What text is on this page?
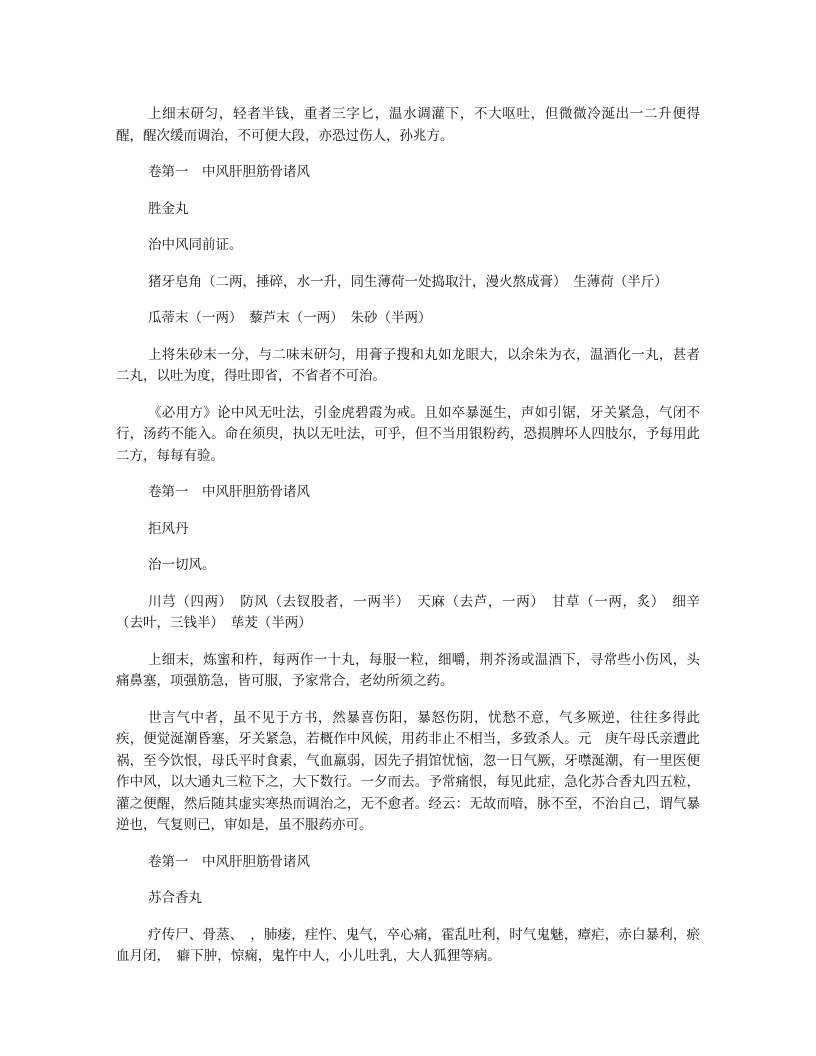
上细末研匀，轻者半钱，重者三字匕，温水调灌下，不大呕吐，但微微冷涎出一二升便得醒，醒次缓而调治，不可便大段，亦恐过伤人，孙兆方。

卷第一　中风肝胆筋骨诸风

胜金丸

治中风同前证。

猪牙皂角（二两，捶碎，水一升，同生薄荷一处捣取汁，漫火熬成膏）　生薄荷（半斤）

瓜蒂末（一两）　藜芦末（一两）　朱砂（半两）

上将朱砂末一分，与二味末研匀，用膏子搜和丸如龙眼大，以余朱为衣，温酒化一丸，甚者二丸，以吐为度，得吐即省，不省者不可治。

《必用方》论中风无吐法，引金虎碧霞为戒。且如卒暴涎生，声如引锯，牙关紧急，气闭不行，汤药不能入。命在须臾，执以无吐法，可乎，但不当用银粉药，恐损脾坏人四肢尔，予每用此二方，每每有验。

卷第一　中风肝胆筋骨诸风

拒风丹

治一切风。

川芎（四两）　防风（去钗股者，一两半）　天麻（去芦，一两）　甘草（一两，炙）　细辛（去叶，三钱半）　荜茇（半两）

上细末，炼蜜和杵，每两作一十丸，每服一粒，细嚼，荆芥汤或温酒下，寻常些小伤风，头痛鼻塞，项强筋急，皆可服，予家常合，老幼所须之药。

世言气中者，虽不见于方书，然暴喜伤阳，暴怒伤阴，忧愁不意，气多厥逆，往往多得此疾，便觉涎潮昏塞，牙关紧急，若概作中风候，用药非止不相当，多致杀人。元　庚午母氏亲遭此祸，至今饮恨，母氏平时食素，气血羸弱，因先子捐馆忧恼，忽一日气厥，牙噤涎潮，有一里医便作中风，以大通丸三粒下之，大下数行。一夕而去。予常痛恨，每见此症，急化苏合香丸四五粒，灌之便醒，然后随其虚实寒热而调治之，无不愈者。经云：无故而喑，脉不至，不治自己，谓气暴逆也，气复则已，审如是，虽不服药亦可。

卷第一　中风肝胆筋骨诸风

苏合香丸

疗传尸、骨蒸、　，肺痿，疰忤、鬼气，卒心痛，霍乱吐利，时气鬼魅，瘴疟，赤白暴利，瘀血月闭，　癖下肿，惊痫，鬼忤中人，小儿吐乳，大人狐狸等病。
